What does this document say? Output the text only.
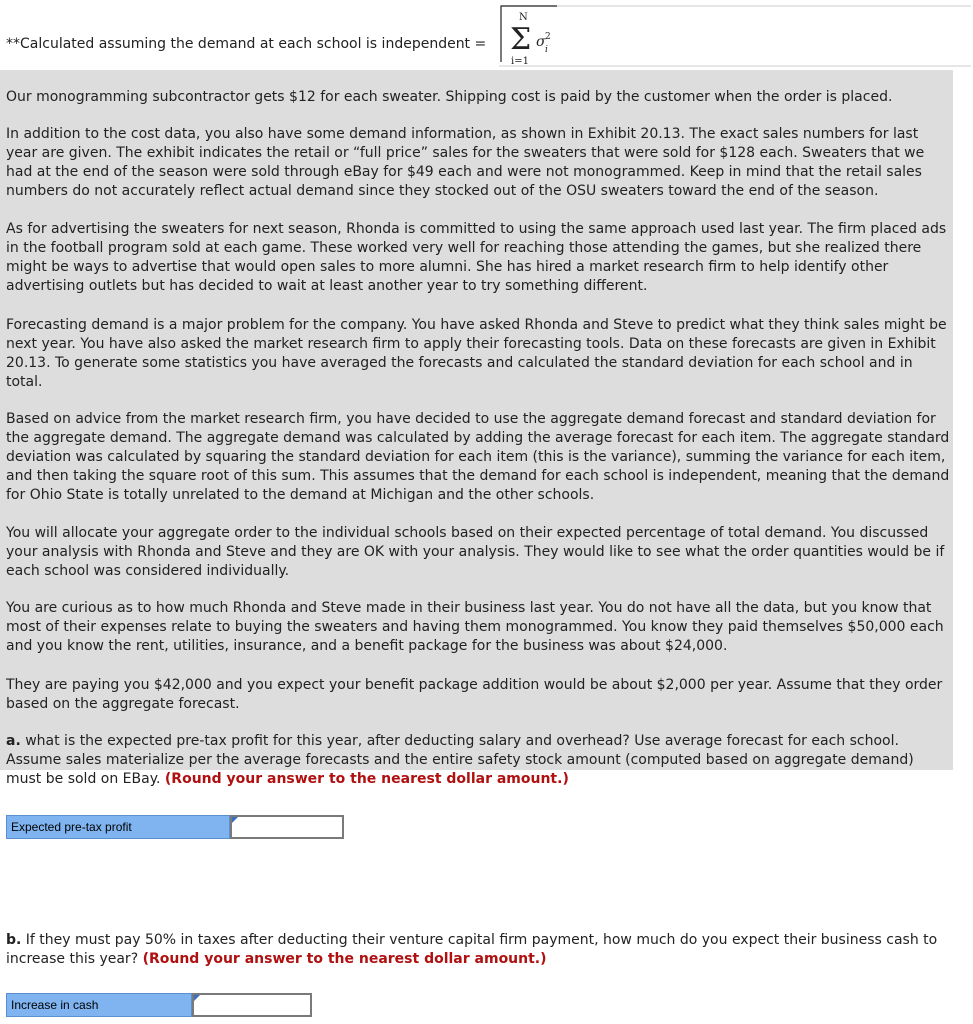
**Calculated assuming the demand at each school is independent =
N
Σ
i=1
σ 2
i

Our monogramming subcontractor gets $12 for each sweater. Shipping cost is paid by the customer when the order is placed.

In addition to the cost data, you also have some demand information, as shown in Exhibit 20.13. The exact sales numbers for last year are given. The exhibit indicates the retail or “full price” sales for the sweaters that were sold for $128 each. Sweaters that we had at the end of the season were sold through eBay for $49 each and were not monogrammed. Keep in mind that the retail sales numbers do not accurately reflect actual demand since they stocked out of the OSU sweaters toward the end of the season.

As for advertising the sweaters for next season, Rhonda is committed to using the same approach used last year. The firm placed ads in the football program sold at each game. These worked very well for reaching those attending the games, but she realized there might be ways to advertise that would open sales to more alumni. She has hired a market research firm to help identify other advertising outlets but has decided to wait at least another year to try something different.

Forecasting demand is a major problem for the company. You have asked Rhonda and Steve to predict what they think sales might be next year. You have also asked the market research firm to apply their forecasting tools. Data on these forecasts are given in Exhibit 20.13. To generate some statistics you have averaged the forecasts and calculated the standard deviation for each school and in total.

Based on advice from the market research firm, you have decided to use the aggregate demand forecast and standard deviation for the aggregate demand. The aggregate demand was calculated by adding the average forecast for each item. The aggregate standard deviation was calculated by squaring the standard deviation for each item (this is the variance), summing the variance for each item, and then taking the square root of this sum. This assumes that the demand for each school is independent, meaning that the demand for Ohio State is totally unrelated to the demand at Michigan and the other schools.

You will allocate your aggregate order to the individual schools based on their expected percentage of total demand. You discussed your analysis with Rhonda and Steve and they are OK with your analysis. They would like to see what the order quantities would be if each school was considered individually.

You are curious as to how much Rhonda and Steve made in their business last year. You do not have all the data, but you know that most of their expenses relate to buying the sweaters and having them monogrammed. You know they paid themselves $50,000 each and you know the rent, utilities, insurance, and a benefit package for the business was about $24,000.

They are paying you $42,000 and you expect your benefit package addition would be about $2,000 per year. Assume that they order based on the aggregate forecast.

a. what is the expected pre-tax profit for this year, after deducting salary and overhead? Use average forecast for each school. Assume sales materialize per the average forecasts and the entire safety stock amount (computed based on aggregate demand) must be sold on EBay. (Round your answer to the nearest dollar amount.)

Expected pre-tax profit

b. If they must pay 50% in taxes after deducting their venture capital firm payment, how much do you expect their business cash to increase this year? (Round your answer to the nearest dollar amount.)

Increase in cash
